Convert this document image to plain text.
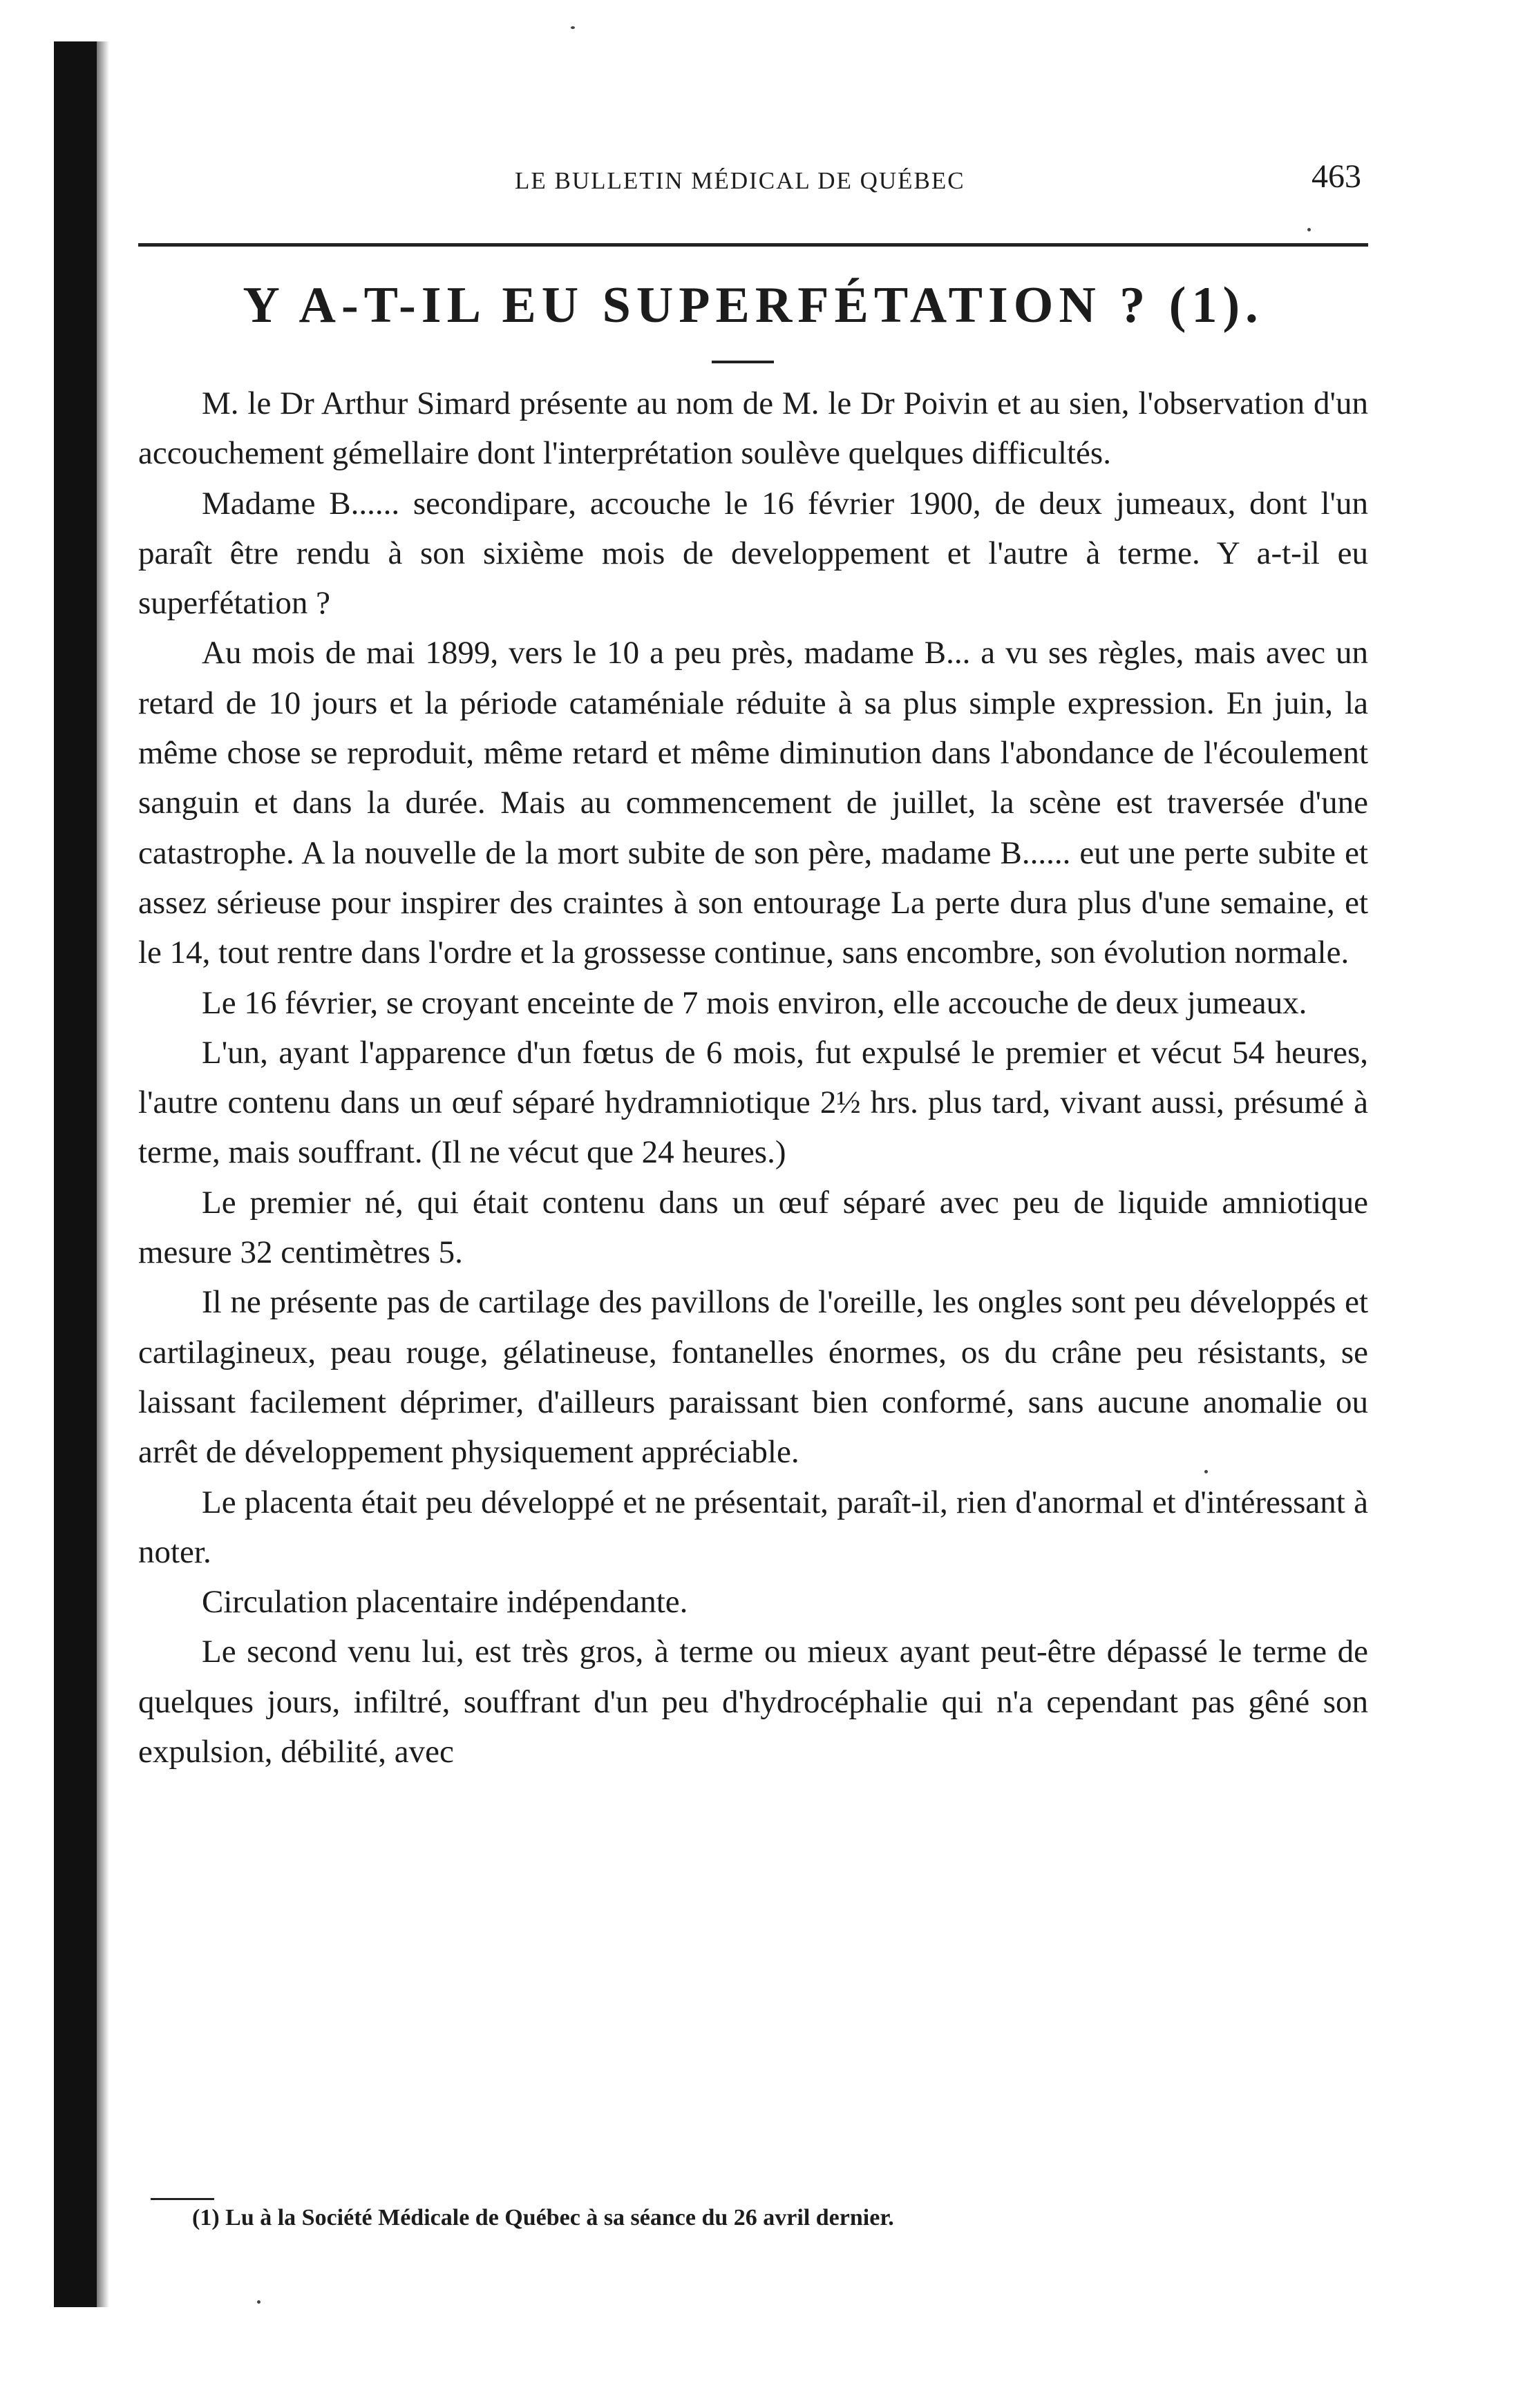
LE BULLETIN MÉDICAL DE QUÉBEC	463
Y A-T-IL EU SUPERFÉTATION ? (1).

M. le Dr Arthur Simard présente au nom de M. le Dr Poivin et au sien, l'observation d'un accouchement gémellaire dont l'interprétation soulève quelques difficultés.

Madame B...... secondipare, accouche le 16 février 1900, de deux jumeaux, dont l'un paraît être rendu à son sixième mois de developpement et l'autre à terme. Y a-t-il eu superfétation ?

Au mois de mai 1899, vers le 10 a peu près, madame B... a vu ses règles, mais avec un retard de 10 jours et la période cataméniale réduite à sa plus simple expression. En juin, la même chose se reproduit, même retard et même diminution dans l'abondance de l'écoulement sanguin et dans la durée. Mais au commencement de juillet, la scène est traversée d'une catastrophe. A la nouvelle de la mort subite de son père, madame B...... eut une perte subite et assez sérieuse pour inspirer des craintes à son entourage La perte dura plus d'une semaine, et le 14, tout rentre dans l'ordre et la grossesse continue, sans encombre, son évolution normale.

Le 16 février, se croyant enceinte de 7 mois environ, elle accouche de deux jumeaux.

L'un, ayant l'apparence d'un fœtus de 6 mois, fut expulsé le premier et vécut 54 heures, l'autre contenu dans un œuf séparé hydramniotique 2½ hrs. plus tard, vivant aussi, présumé à terme, mais souffrant. (Il ne vécut que 24 heures.)

Le premier né, qui était contenu dans un œuf séparé avec peu de liquide amniotique mesure 32 centimètres 5.

Il ne présente pas de cartilage des pavillons de l'oreille, les ongles sont peu développés et cartilagineux, peau rouge, gélatineuse, fontanelles énormes, os du crâne peu résistants, se laissant facilement déprimer, d'ailleurs paraissant bien conformé, sans aucune anomalie ou arrêt de développement physiquement appréciable.

Le placenta était peu développé et ne présentait, paraît-il, rien d'anormal et d'intéressant à noter.

Circulation placentaire indépendante.

Le second venu lui, est très gros, à terme ou mieux ayant peut-être dépassé le terme de quelques jours, infiltré, souffrant d'un peu d'hydrocéphalie qui n'a cependant pas gêné son expulsion, débilité, avec

(1) Lu à la Société Médicale de Québec à sa séance du 26 avril dernier.
